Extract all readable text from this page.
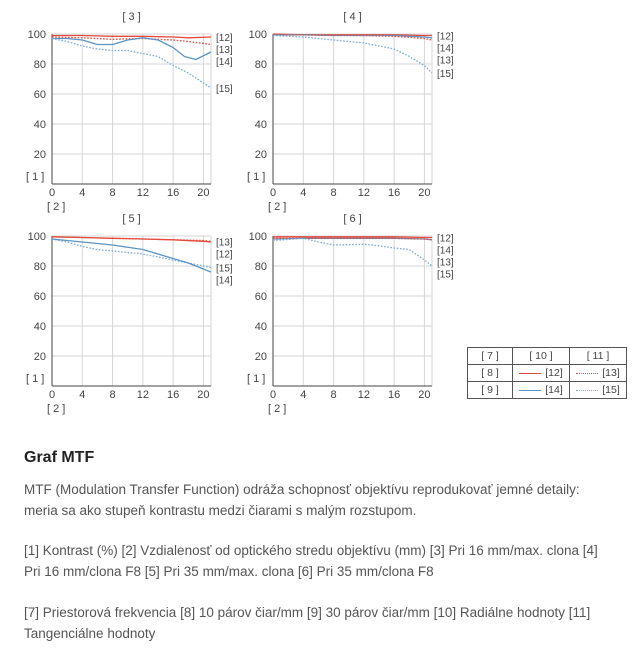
20
40
60
80
100
0 4 8 12 16 20
[ 3 ]
[ 1 ]
[ 2 ]
[12]
[13]
[14]
[15]
20
40
60
80
100
0 4 8 12 16 20
[ 4 ]
[ 1 ]
[ 2 ]
[12]
[14]
[13]
[15]
20
40
60
80
100
0 4 8 12 16 20
[ 5 ]
[ 1 ]
[ 2 ]
[13]
[12]
[15]
[14]
20
40
60
80
100
0 4 8 12 16 20
[ 6 ]
[ 1 ]
[ 2 ]
[12]
[14]
[13]
[15]
[ 7 ]	[ 10 ]	[ 11 ]
[ 8 ]	[12]	[13]
[ 9 ]	[14]	[15]
Graf MTF

MTF (Modulation Transfer Function) odráža schopnosť objektívu reprodukovať jemné detaily: meria sa ako stupeň kontrastu medzi čiarami s malým rozstupom.

[1] Kontrast (%) [2] Vzdialenosť od optického stredu objektívu (mm) [3] Pri 16 mm/max. clona [4] Pri 16 mm/clona F8 [5] Pri 35 mm/max. clona [6] Pri 35 mm/clona F8

[7] Priestorová frekvencia [8] 10 párov čiar/mm [9] 30 párov čiar/mm [10] Radiálne hodnoty [11] Tangenciálne hodnoty
